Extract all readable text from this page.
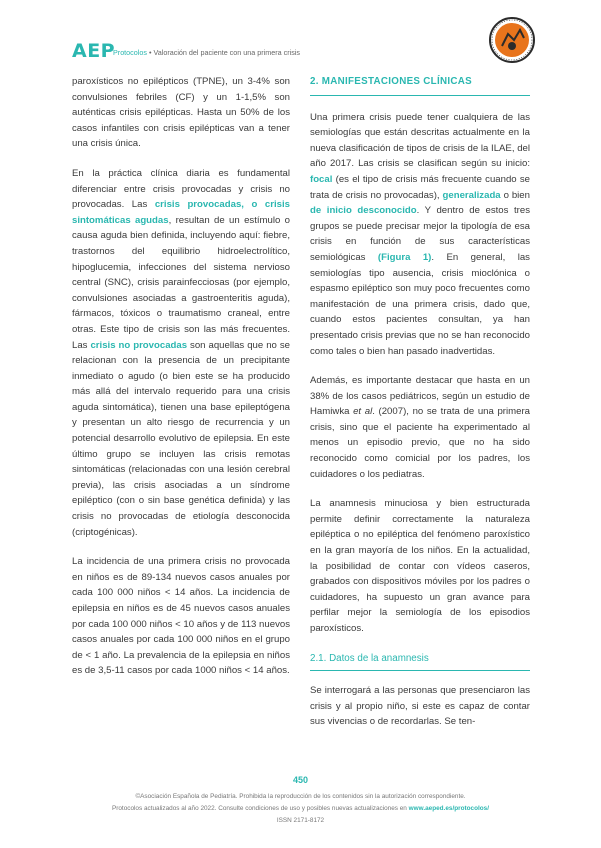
AEP
Protocolos • Valoración del paciente con una primera crisis

paroxísticos no epilépticos (TPNE), un 3-4% son convulsiones febriles (CF) y un 1-1,5% son auténticas crisis epilépticas. Hasta un 50% de los casos infantiles con crisis epilépticas van a tener una crisis única.

En la práctica clínica diaria es fundamental diferenciar entre crisis provocadas y crisis no provocadas. Las crisis provocadas, o crisis sintomáticas agudas, resultan de un estímulo o causa aguda bien definida, incluyendo aquí: fiebre, trastornos del equilibrio hidroelectrolítico, hipoglucemia, infecciones del sistema nervioso central (SNC), crisis parainfecciosas (por ejemplo, convulsiones asociadas a gastroenteritis aguda), fármacos, tóxicos o traumatismo craneal, entre otras. Este tipo de crisis son las más frecuentes. Las crisis no provocadas son aquellas que no se relacionan con la presencia de un precipitante inmediato o agudo (o bien este se ha producido más allá del intervalo requerido para una crisis aguda sintomática), tienen una base epileptógena y presentan un alto riesgo de recurrencia y un potencial desarrollo evolutivo de epilepsia. En este último grupo se incluyen las crisis remotas sintomáticas (relacionadas con una lesión cerebral previa), las crisis asociadas a un síndrome epiléptico (con o sin base genética definida) y las crisis no provocadas de etiología desconocida (criptogénicas).

La incidencia de una primera crisis no provocada en niños es de 89-134 nuevos casos anuales por cada 100 000 niños < 14 años. La incidencia de epilepsia en niños es de 45 nuevos casos anuales por cada 100 000 niños < 10 años y de 113 nuevos casos anuales por cada 100 000 niños en el grupo de < 1 año. La prevalencia de la epilepsia en niños es de 3,5-11 casos por cada 1000 niños < 14 años.

2. MANIFESTACIONES CLÍNICAS

Una primera crisis puede tener cualquiera de las semiologías que están descritas actualmente en la nueva clasificación de tipos de crisis de la ILAE, del año 2017. Las crisis se clasifican según su inicio: focal (es el tipo de crisis más frecuente cuando se trata de crisis no provocadas), generalizada o bien de inicio desconocido. Y dentro de estos tres grupos se puede precisar mejor la tipología de esa crisis en función de sus características semiológicas (Figura 1). En general, las semiologías tipo ausencia, crisis mioclónica o espasmo epiléptico son muy poco frecuentes como manifestación de una primera crisis, dado que, cuando estos pacientes consultan, ya han presentado crisis previas que no se han reconocido como tales o bien han pasado inadvertidas.

Además, es importante destacar que hasta en un 38% de los casos pediátricos, según un estudio de Hamiwka et al. (2007), no se trata de una primera crisis, sino que el paciente ha experimentado al menos un episodio previo, que no ha sido reconocido como comicial por los padres, los cuidadores o los pediatras.

La anamnesis minuciosa y bien estructurada permite definir correctamente la naturaleza epiléptica o no epiléptica del fenómeno paroxístico en la gran mayoría de los niños. En la actualidad, la posibilidad de contar con vídeos caseros, grabados con dispositivos móviles por los padres o cuidadores, ha supuesto un gran avance para perfilar mejor la semiología de los episodios paroxísticos.

2.1. Datos de la anamnesis

Se interrogará a las personas que presenciaron las crisis y al propio niño, si este es capaz de contar sus vivencias o de recordarlas. Se ten-

450
©Asociación Española de Pediatría. Prohibida la reproducción de los contenidos sin la autorización correspondiente.
Protocolos actualizados al año 2022. Consulte condiciones de uso y posibles nuevas actualizaciones en www.aeped.es/protocolos/
ISSN 2171-8172
